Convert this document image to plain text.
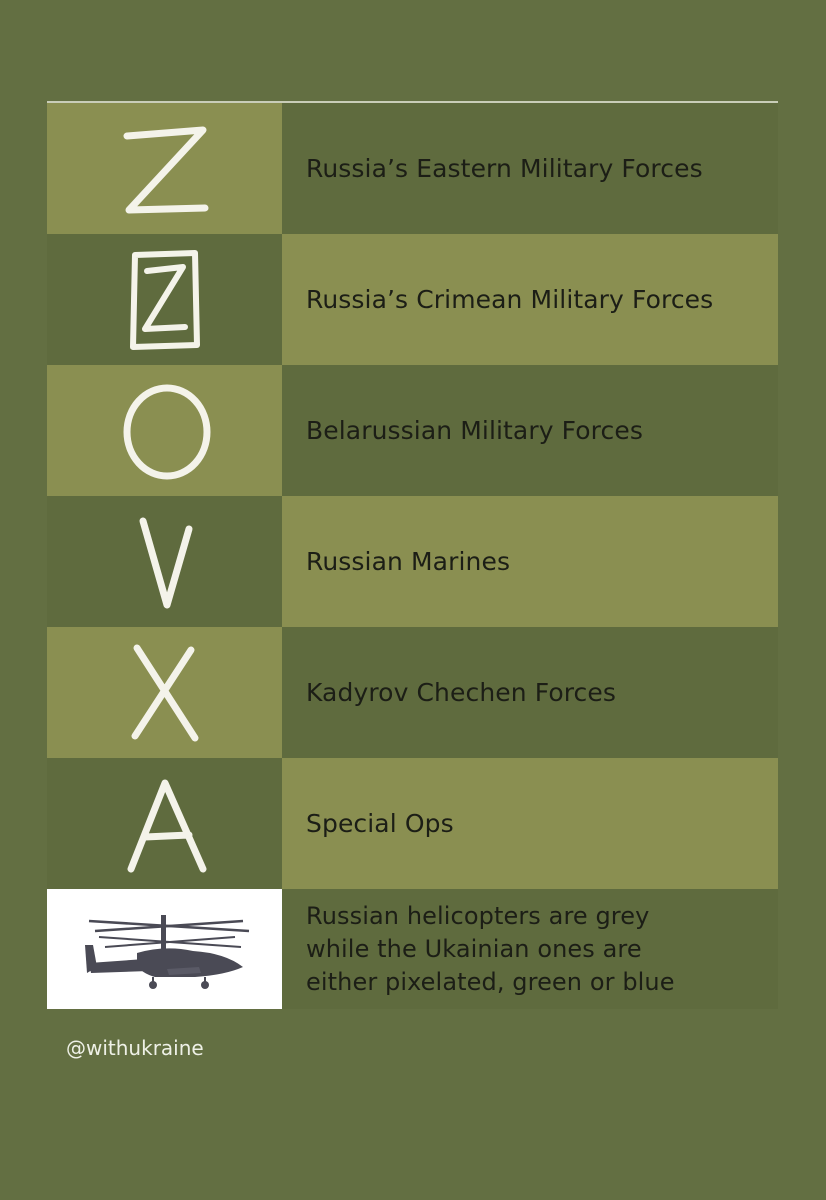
Russia’s Eastern Military Forces
Russia’s Crimean Military Forces
Belarussian Military Forces
Russian Marines
Kadyrov Chechen Forces
Special Ops
Russian helicopters are grey
while the Ukainian ones are
either pixelated, green or blue
@withukraine
